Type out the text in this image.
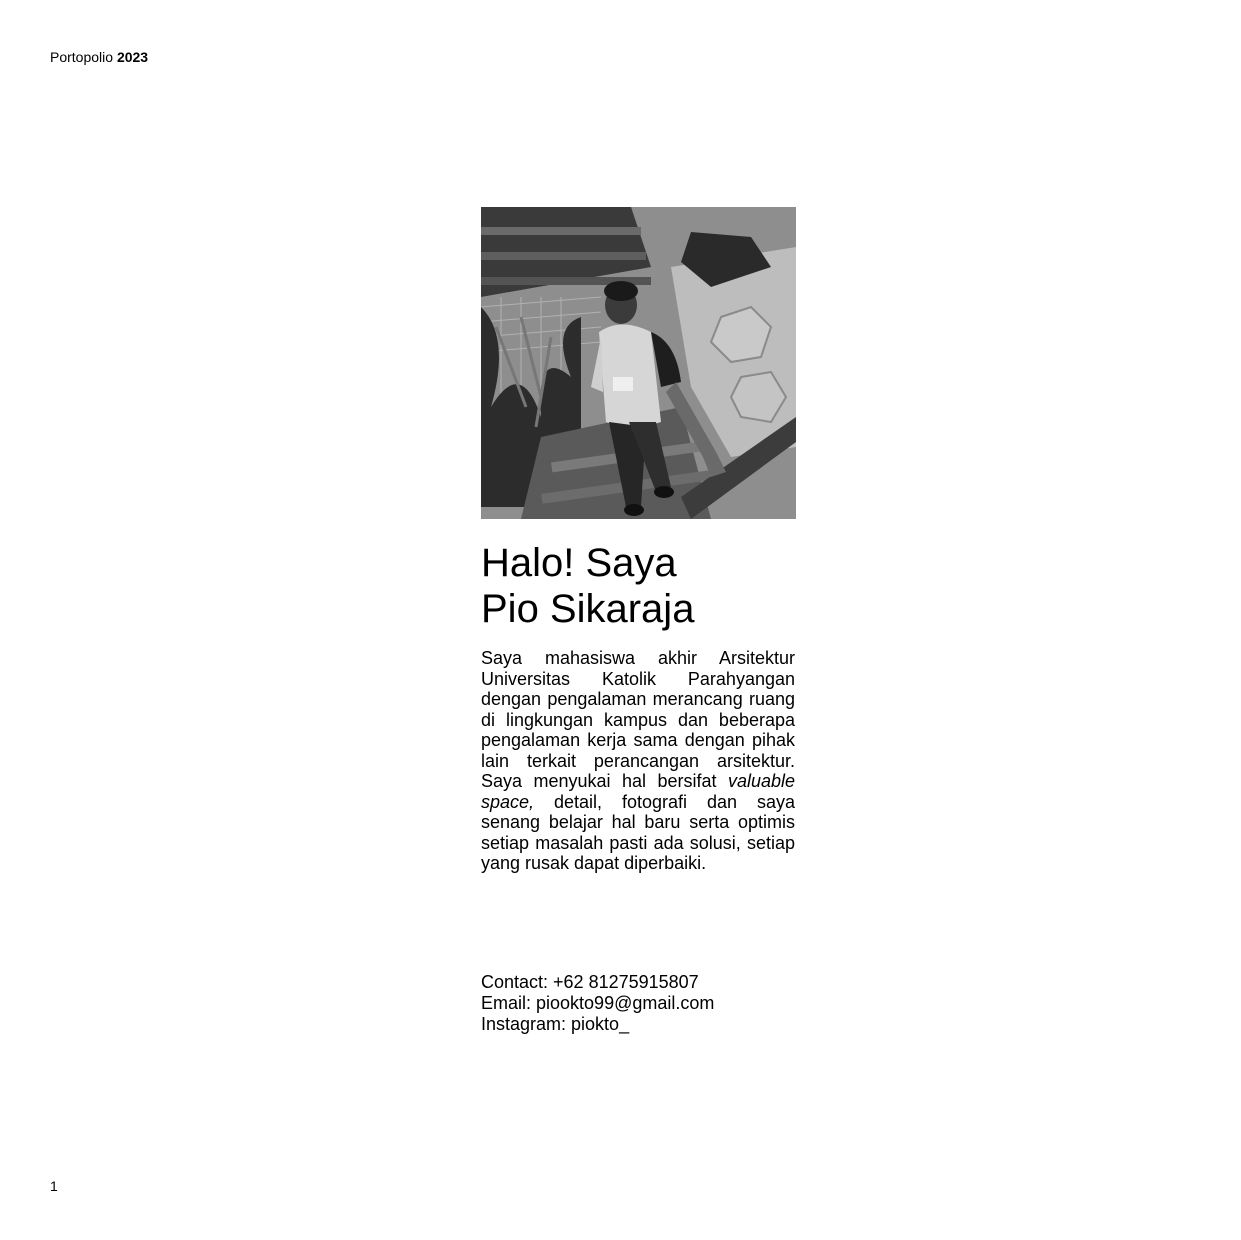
Portopolio 2023
Halo! Saya
Pio Sikaraja

Saya mahasiswa akhir Arsitektur Universitas Katolik Parahyangan dengan pengalaman merancang ruang di lingkungan kampus dan beberapa pengalaman kerja sama dengan pihak lain terkait perancangan arsitektur. Saya menyukai hal bersifat valuable space, detail, fotografi dan saya senang belajar hal baru serta optimis setiap masalah pasti ada solusi, setiap yang rusak dapat diperbaiki.

Contact: +62 81275915807
Email: piookto99@gmail.com
Instagram: piokto_
1
